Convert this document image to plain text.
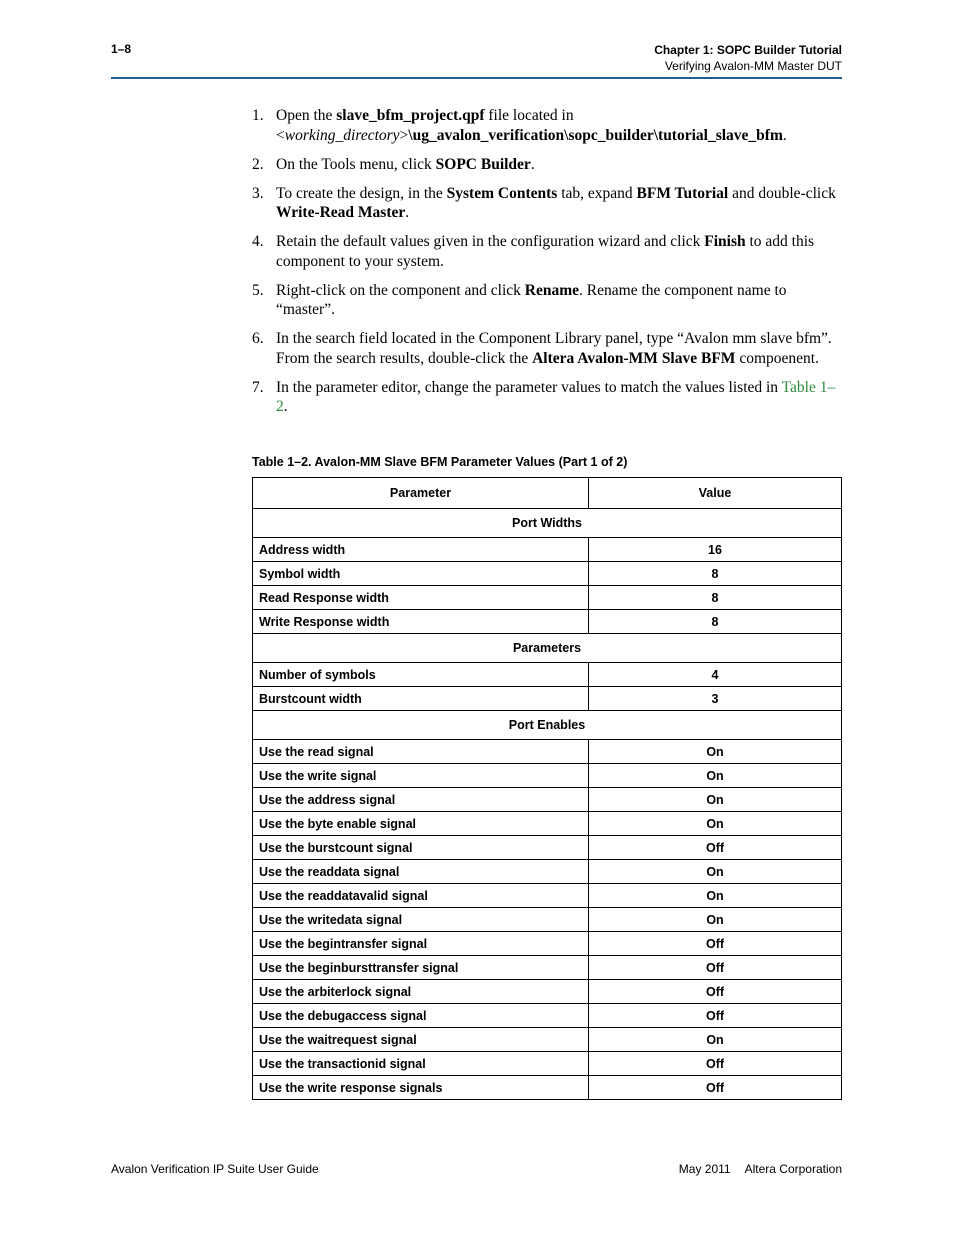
1–8	Chapter 1: SOPC Builder Tutorial
Verifying Avalon-MM Master DUT
1. Open the slave_bfm_project.qpf file located in
<working_directory>\ug_avalon_verification\sopc_builder\tutorial_slave_bfm.
2. On the Tools menu, click SOPC Builder.
3. To create the design, in the System Contents tab, expand BFM Tutorial and double-click Write-Read Master.
4. Retain the default values given in the configuration wizard and click Finish to add this component to your system.
5. Right-click on the component and click Rename. Rename the component name to “master”.
6. In the search field located in the Component Library panel, type “Avalon mm slave bfm”. From the search results, double-click the Altera Avalon-MM Slave BFM compoenent.
7. In the parameter editor, change the parameter values to match the values listed in Table 1–2.
Table 1–2. Avalon-MM Slave BFM Parameter Values (Part 1 of 2)
Parameter	Value
Port Widths	
Address width	16
Symbol width	8
Read Response width	8
Write Response width	8
Parameters	
Number of symbols	4
Burstcount width	3
Port Enables	
Use the read signal	On
Use the write signal	On
Use the address signal	On
Use the byte enable signal	On
Use the burstcount signal	Off
Use the readdata signal	On
Use the readdatavalid signal	On
Use the writedata signal	On
Use the begintransfer signal	Off
Use the beginbursttransfer signal	Off
Use the arbiterlock signal	Off
Use the debugaccess signal	Off
Use the waitrequest signal	On
Use the transactionid signal	Off
Use the write response signals	Off
Avalon Verification IP Suite User Guide	May 2011 Altera Corporation
